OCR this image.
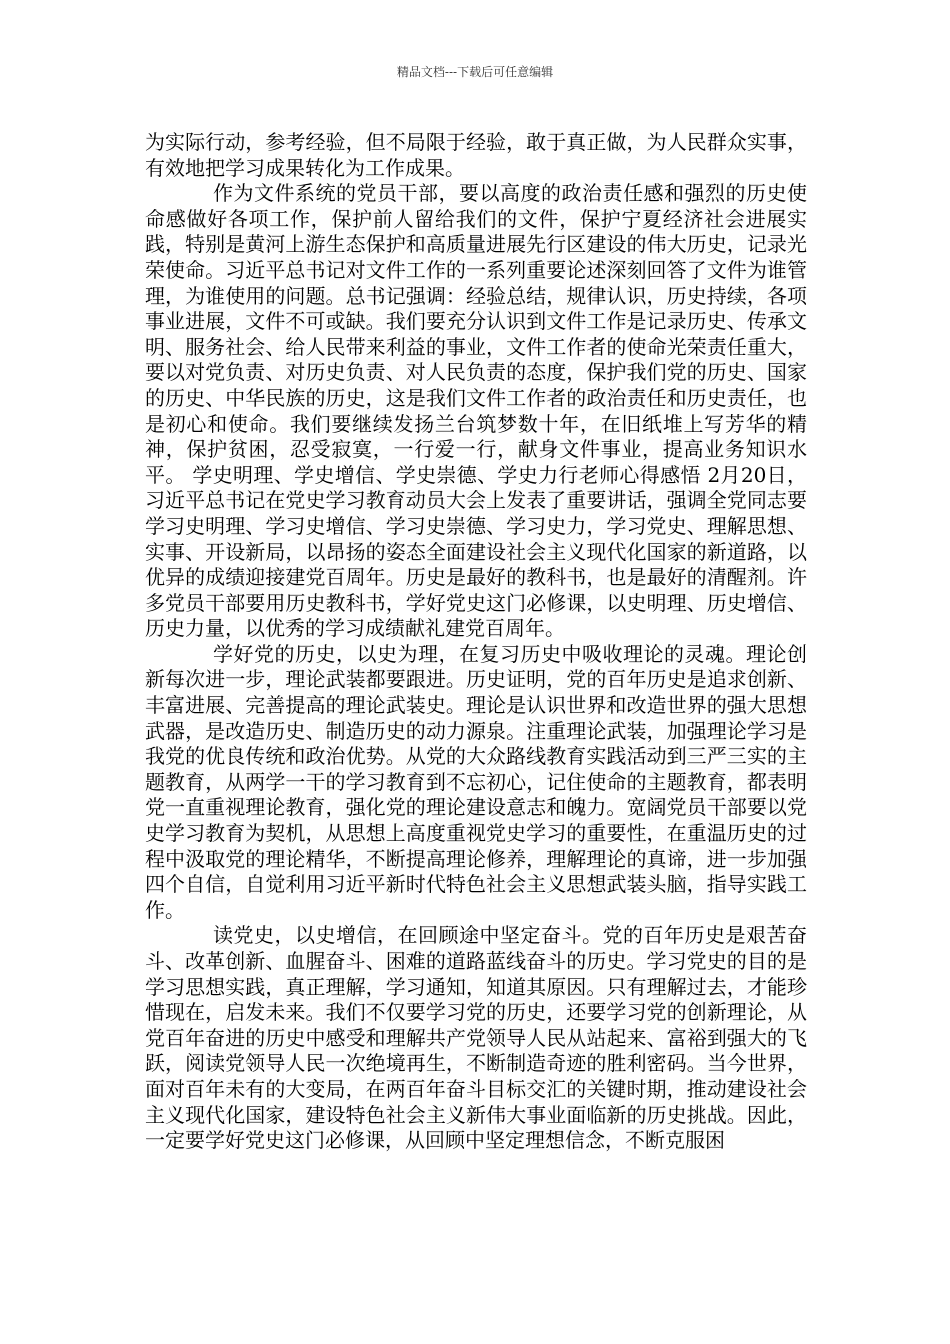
精品文档---下载后可任意编辑

为实际行动，参考经验，但不局限于经验，敢于真正做，为人民群众实事，有效地把学习成果转化为工作成果。

作为文件系统的党员干部，要以高度的政治责任感和强烈的历史使命感做好各项工作，保护前人留给我们的文件，保护宁夏经济社会进展实践，特别是黄河上游生态保护和高质量进展先行区建设的伟大历史，记录光荣使命。习近平总书记对文件工作的一系列重要论述深刻回答了文件为谁管理，为谁使用的问题。总书记强调：经验总结，规律认识，历史持续，各项事业进展，文件不可或缺。我们要充分认识到文件工作是记录历史、传承文明、服务社会、给人民带来利益的事业，文件工作者的使命光荣责任重大，要以对党负责、对历史负责、对人民负责的态度，保护我们党的历史、国家的历史、中华民族的历史，这是我们文件工作者的政治责任和历史责任，也是初心和使命。我们要继续发扬兰台筑梦数十年，在旧纸堆上写芳华的精神，保护贫困，忍受寂寞，一行爱一行，献身文件事业，提高业务知识水平。 学史明理、学史增信、学史崇德、学史力行老师心得感悟 2月20日，习近平总书记在党史学习教育动员大会上发表了重要讲话，强调全党同志要学习史明理、学习史增信、学习史崇德、学习史力，学习党史、理解思想、实事、开设新局，以昂扬的姿态全面建设社会主义现代化国家的新道路，以优异的成绩迎接建党百周年。历史是最好的教科书，也是最好的清醒剂。许多党员干部要用历史教科书，学好党史这门必修课，以史明理、历史增信、历史力量，以优秀的学习成绩献礼建党百周年。

学好党的历史，以史为理，在复习历史中吸收理论的灵魂。理论创新每次进一步，理论武装都要跟进。历史证明，党的百年历史是追求创新、丰富进展、完善提高的理论武装史。理论是认识世界和改造世界的强大思想武器，是改造历史、制造历史的动力源泉。注重理论武装，加强理论学习是我党的优良传统和政治优势。从党的大众路线教育实践活动到三严三实的主题教育，从两学一干的学习教育到不忘初心，记住使命的主题教育，都表明党一直重视理论教育，强化党的理论建设意志和魄力。宽阔党员干部要以党史学习教育为契机，从思想上高度重视党史学习的重要性，在重温历史的过程中汲取党的理论精华，不断提高理论修养，理解理论的真谛，进一步加强四个自信，自觉利用习近平新时代特色社会主义思想武装头脑，指导实践工作。

读党史，以史增信，在回顾途中坚定奋斗。党的百年历史是艰苦奋斗、改革创新、血腥奋斗、困难的道路蓝线奋斗的历史。学习党史的目的是学习思想实践，真正理解，学习通知，知道其原因。只有理解过去，才能珍惜现在，启发未来。我们不仅要学习党的历史，还要学习党的创新理论，从党百年奋进的历史中感受和理解共产党领导人民从站起来、富裕到强大的飞跃，阅读党领导人民一次绝境再生，不断制造奇迹的胜利密码。当今世界，面对百年未有的大变局，在两百年奋斗目标交汇的关键时期，推动建设社会主义现代化国家，建设特色社会主义新伟大事业面临新的历史挑战。因此，一定要学好党史这门必修课，从回顾中坚定理想信念，不断克服困
